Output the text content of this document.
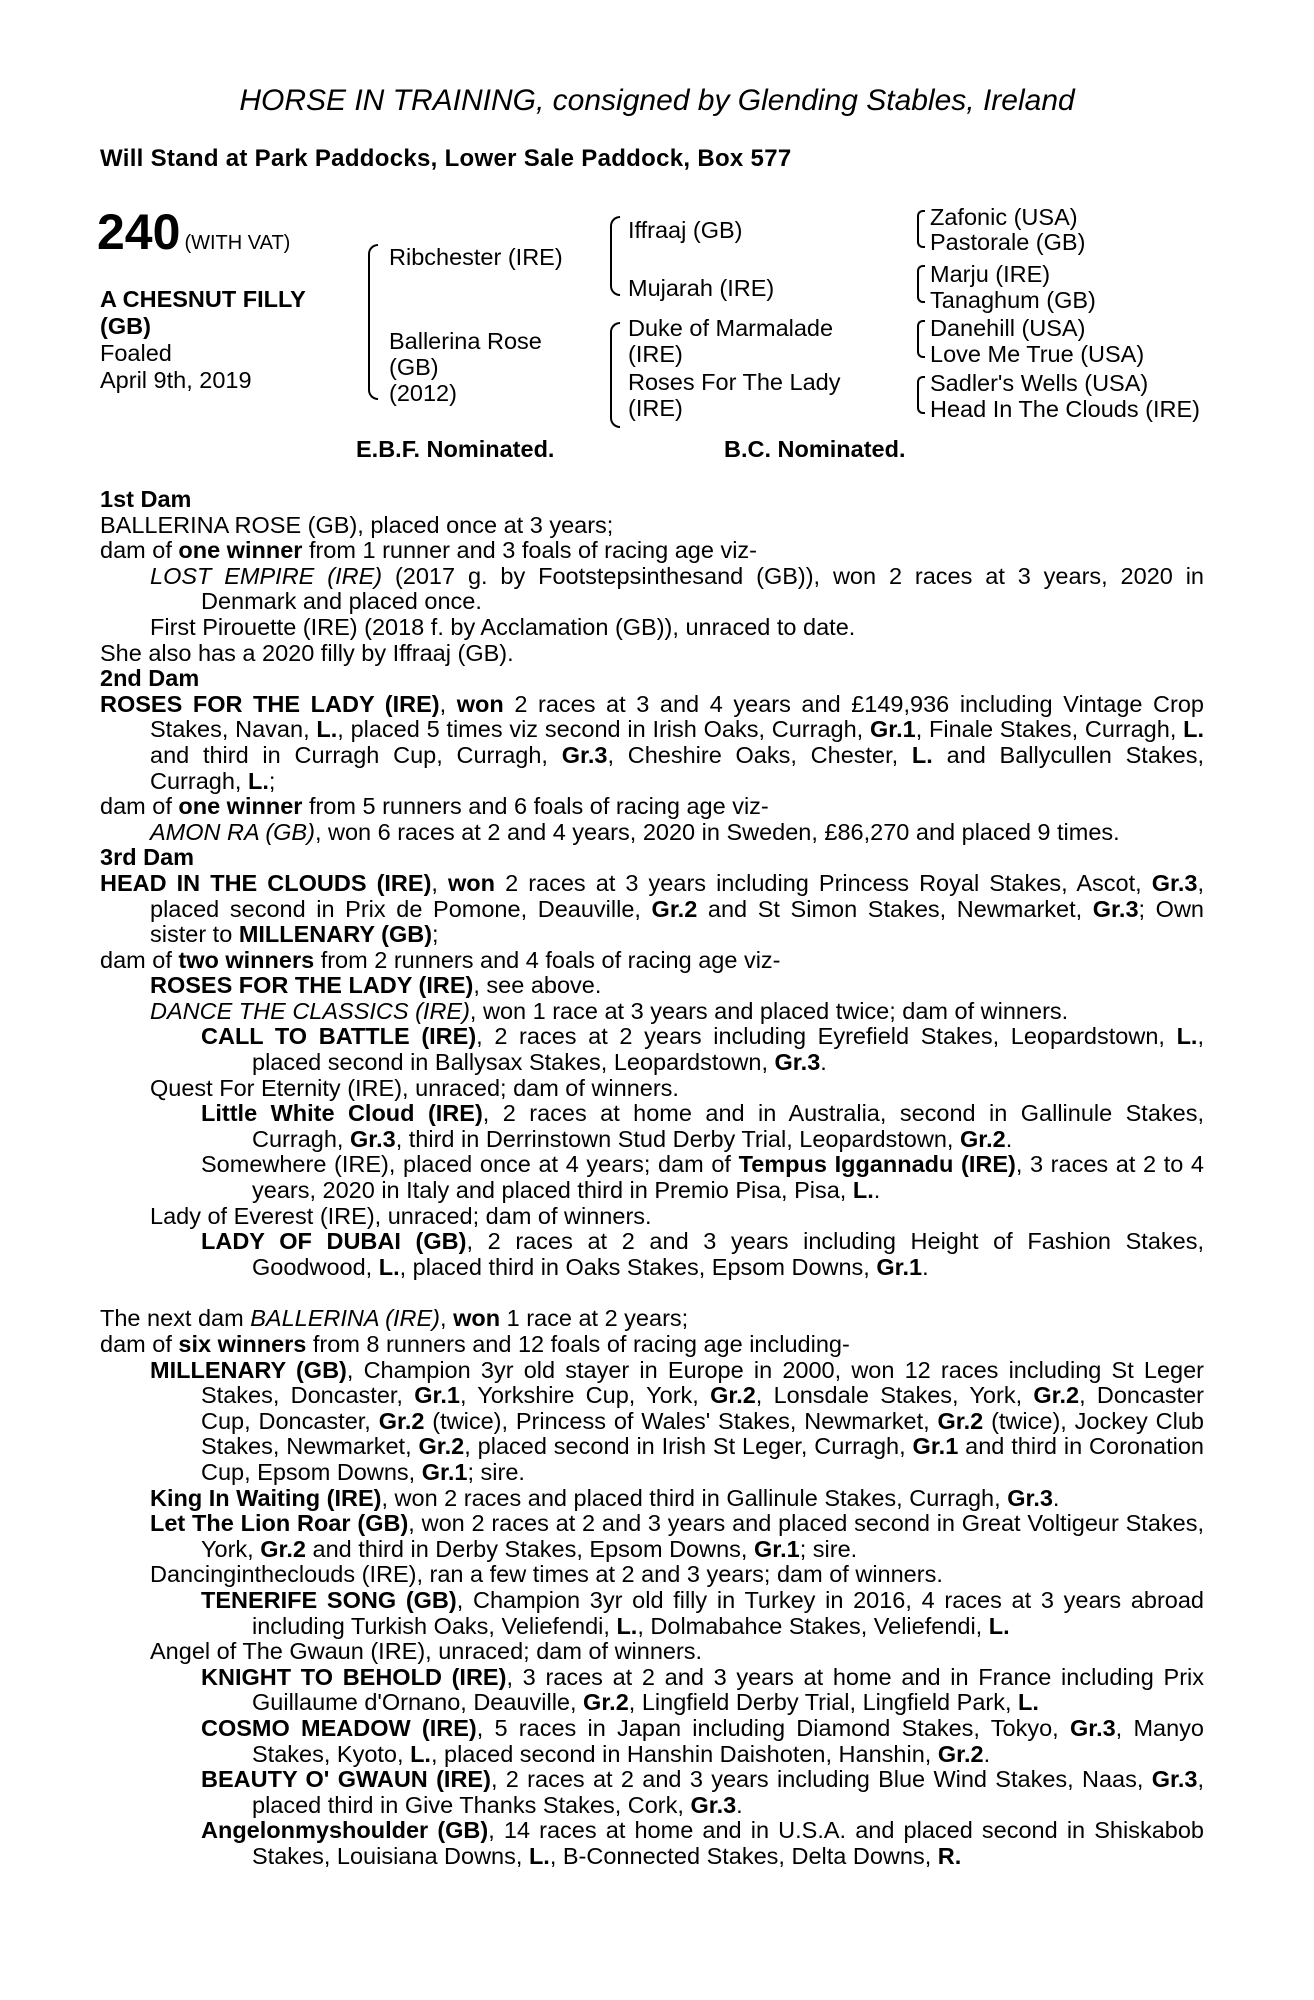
HORSE IN TRAINING, consigned by Glending Stables, Ireland
Will Stand at Park Paddocks, Lower Sale Paddock, Box 577
240 (WITH VAT)
A CHESNUT FILLY
(GB)
Foaled
April 9th, 2019
Ribchester (IRE)
Ballerina Rose
(GB)
(2012)
Iffraaj (GB)
Mujarah (IRE)
Duke of Marmalade
(IRE)
Roses For The Lady
(IRE)
Zafonic (USA)
Pastorale (GB)
Marju (IRE)
Tanaghum (GB)
Danehill (USA)
Love Me True (USA)
Sadler's Wells (USA)
Head In The Clouds (IRE)
E.B.F. Nominated.	B.C. Nominated.

1st Dam

BALLERINA ROSE (GB), placed once at 3 years;

dam of one winner from 1 runner and 3 foals of racing age viz-

LOST EMPIRE (IRE) (2017 g. by Footstepsinthesand (GB)), won 2 races at 3 years, 2020 in Denmark and placed once.

First Pirouette (IRE) (2018 f. by Acclamation (GB)), unraced to date.

She also has a 2020 filly by Iffraaj (GB).

2nd Dam

ROSES FOR THE LADY (IRE), won 2 races at 3 and 4 years and £149,936 including Vintage Crop Stakes, Navan, L., placed 5 times viz second in Irish Oaks, Curragh, Gr.1, Finale Stakes, Curragh, L. and third in Curragh Cup, Curragh, Gr.3, Cheshire Oaks, Chester, L. and Ballycullen Stakes, Curragh, L.;

dam of one winner from 5 runners and 6 foals of racing age viz-

AMON RA (GB), won 6 races at 2 and 4 years, 2020 in Sweden, £86,270 and placed 9 times.

3rd Dam

HEAD IN THE CLOUDS (IRE), won 2 races at 3 years including Princess Royal Stakes, Ascot, Gr.3, placed second in Prix de Pomone, Deauville, Gr.2 and St Simon Stakes, Newmarket, Gr.3; Own sister to MILLENARY (GB);

dam of two winners from 2 runners and 4 foals of racing age viz-

ROSES FOR THE LADY (IRE), see above.

DANCE THE CLASSICS (IRE), won 1 race at 3 years and placed twice; dam of winners.

CALL TO BATTLE (IRE), 2 races at 2 years including Eyrefield Stakes, Leopardstown, L., placed second in Ballysax Stakes, Leopardstown, Gr.3.

Quest For Eternity (IRE), unraced; dam of winners.

Little White Cloud (IRE), 2 races at home and in Australia, second in Gallinule Stakes, Curragh, Gr.3, third in Derrinstown Stud Derby Trial, Leopardstown, Gr.2.

Somewhere (IRE), placed once at 4 years; dam of Tempus Iggannadu (IRE), 3 races at 2 to 4 years, 2020 in Italy and placed third in Premio Pisa, Pisa, L..

Lady of Everest (IRE), unraced; dam of winners.

LADY OF DUBAI (GB), 2 races at 2 and 3 years including Height of Fashion Stakes, Goodwood, L., placed third in Oaks Stakes, Epsom Downs, Gr.1.

The next dam BALLERINA (IRE), won 1 race at 2 years;

dam of six winners from 8 runners and 12 foals of racing age including-

MILLENARY (GB), Champion 3yr old stayer in Europe in 2000, won 12 races including St Leger Stakes, Doncaster, Gr.1, Yorkshire Cup, York, Gr.2, Lonsdale Stakes, York, Gr.2, Doncaster Cup, Doncaster, Gr.2 (twice), Princess of Wales' Stakes, Newmarket, Gr.2 (twice), Jockey Club Stakes, Newmarket, Gr.2, placed second in Irish St Leger, Curragh, Gr.1 and third in Coronation Cup, Epsom Downs, Gr.1; sire.

King In Waiting (IRE), won 2 races and placed third in Gallinule Stakes, Curragh, Gr.3.

Let The Lion Roar (GB), won 2 races at 2 and 3 years and placed second in Great Voltigeur Stakes, York, Gr.2 and third in Derby Stakes, Epsom Downs, Gr.1; sire.

Dancingintheclouds (IRE), ran a few times at 2 and 3 years; dam of winners.

TENERIFE SONG (GB), Champion 3yr old filly in Turkey in 2016, 4 races at 3 years abroad including Turkish Oaks, Veliefendi, L., Dolmabahce Stakes, Veliefendi, L.

Angel of The Gwaun (IRE), unraced; dam of winners.

KNIGHT TO BEHOLD (IRE), 3 races at 2 and 3 years at home and in France including Prix Guillaume d'Ornano, Deauville, Gr.2, Lingfield Derby Trial, Lingfield Park, L.

COSMO MEADOW (IRE), 5 races in Japan including Diamond Stakes, Tokyo, Gr.3, Manyo Stakes, Kyoto, L., placed second in Hanshin Daishoten, Hanshin, Gr.2.

BEAUTY O' GWAUN (IRE), 2 races at 2 and 3 years including Blue Wind Stakes, Naas, Gr.3, placed third in Give Thanks Stakes, Cork, Gr.3.

Angelonmyshoulder (GB), 14 races at home and in U.S.A. and placed second in Shiskabob Stakes, Louisiana Downs, L., B-Connected Stakes, Delta Downs, R.
